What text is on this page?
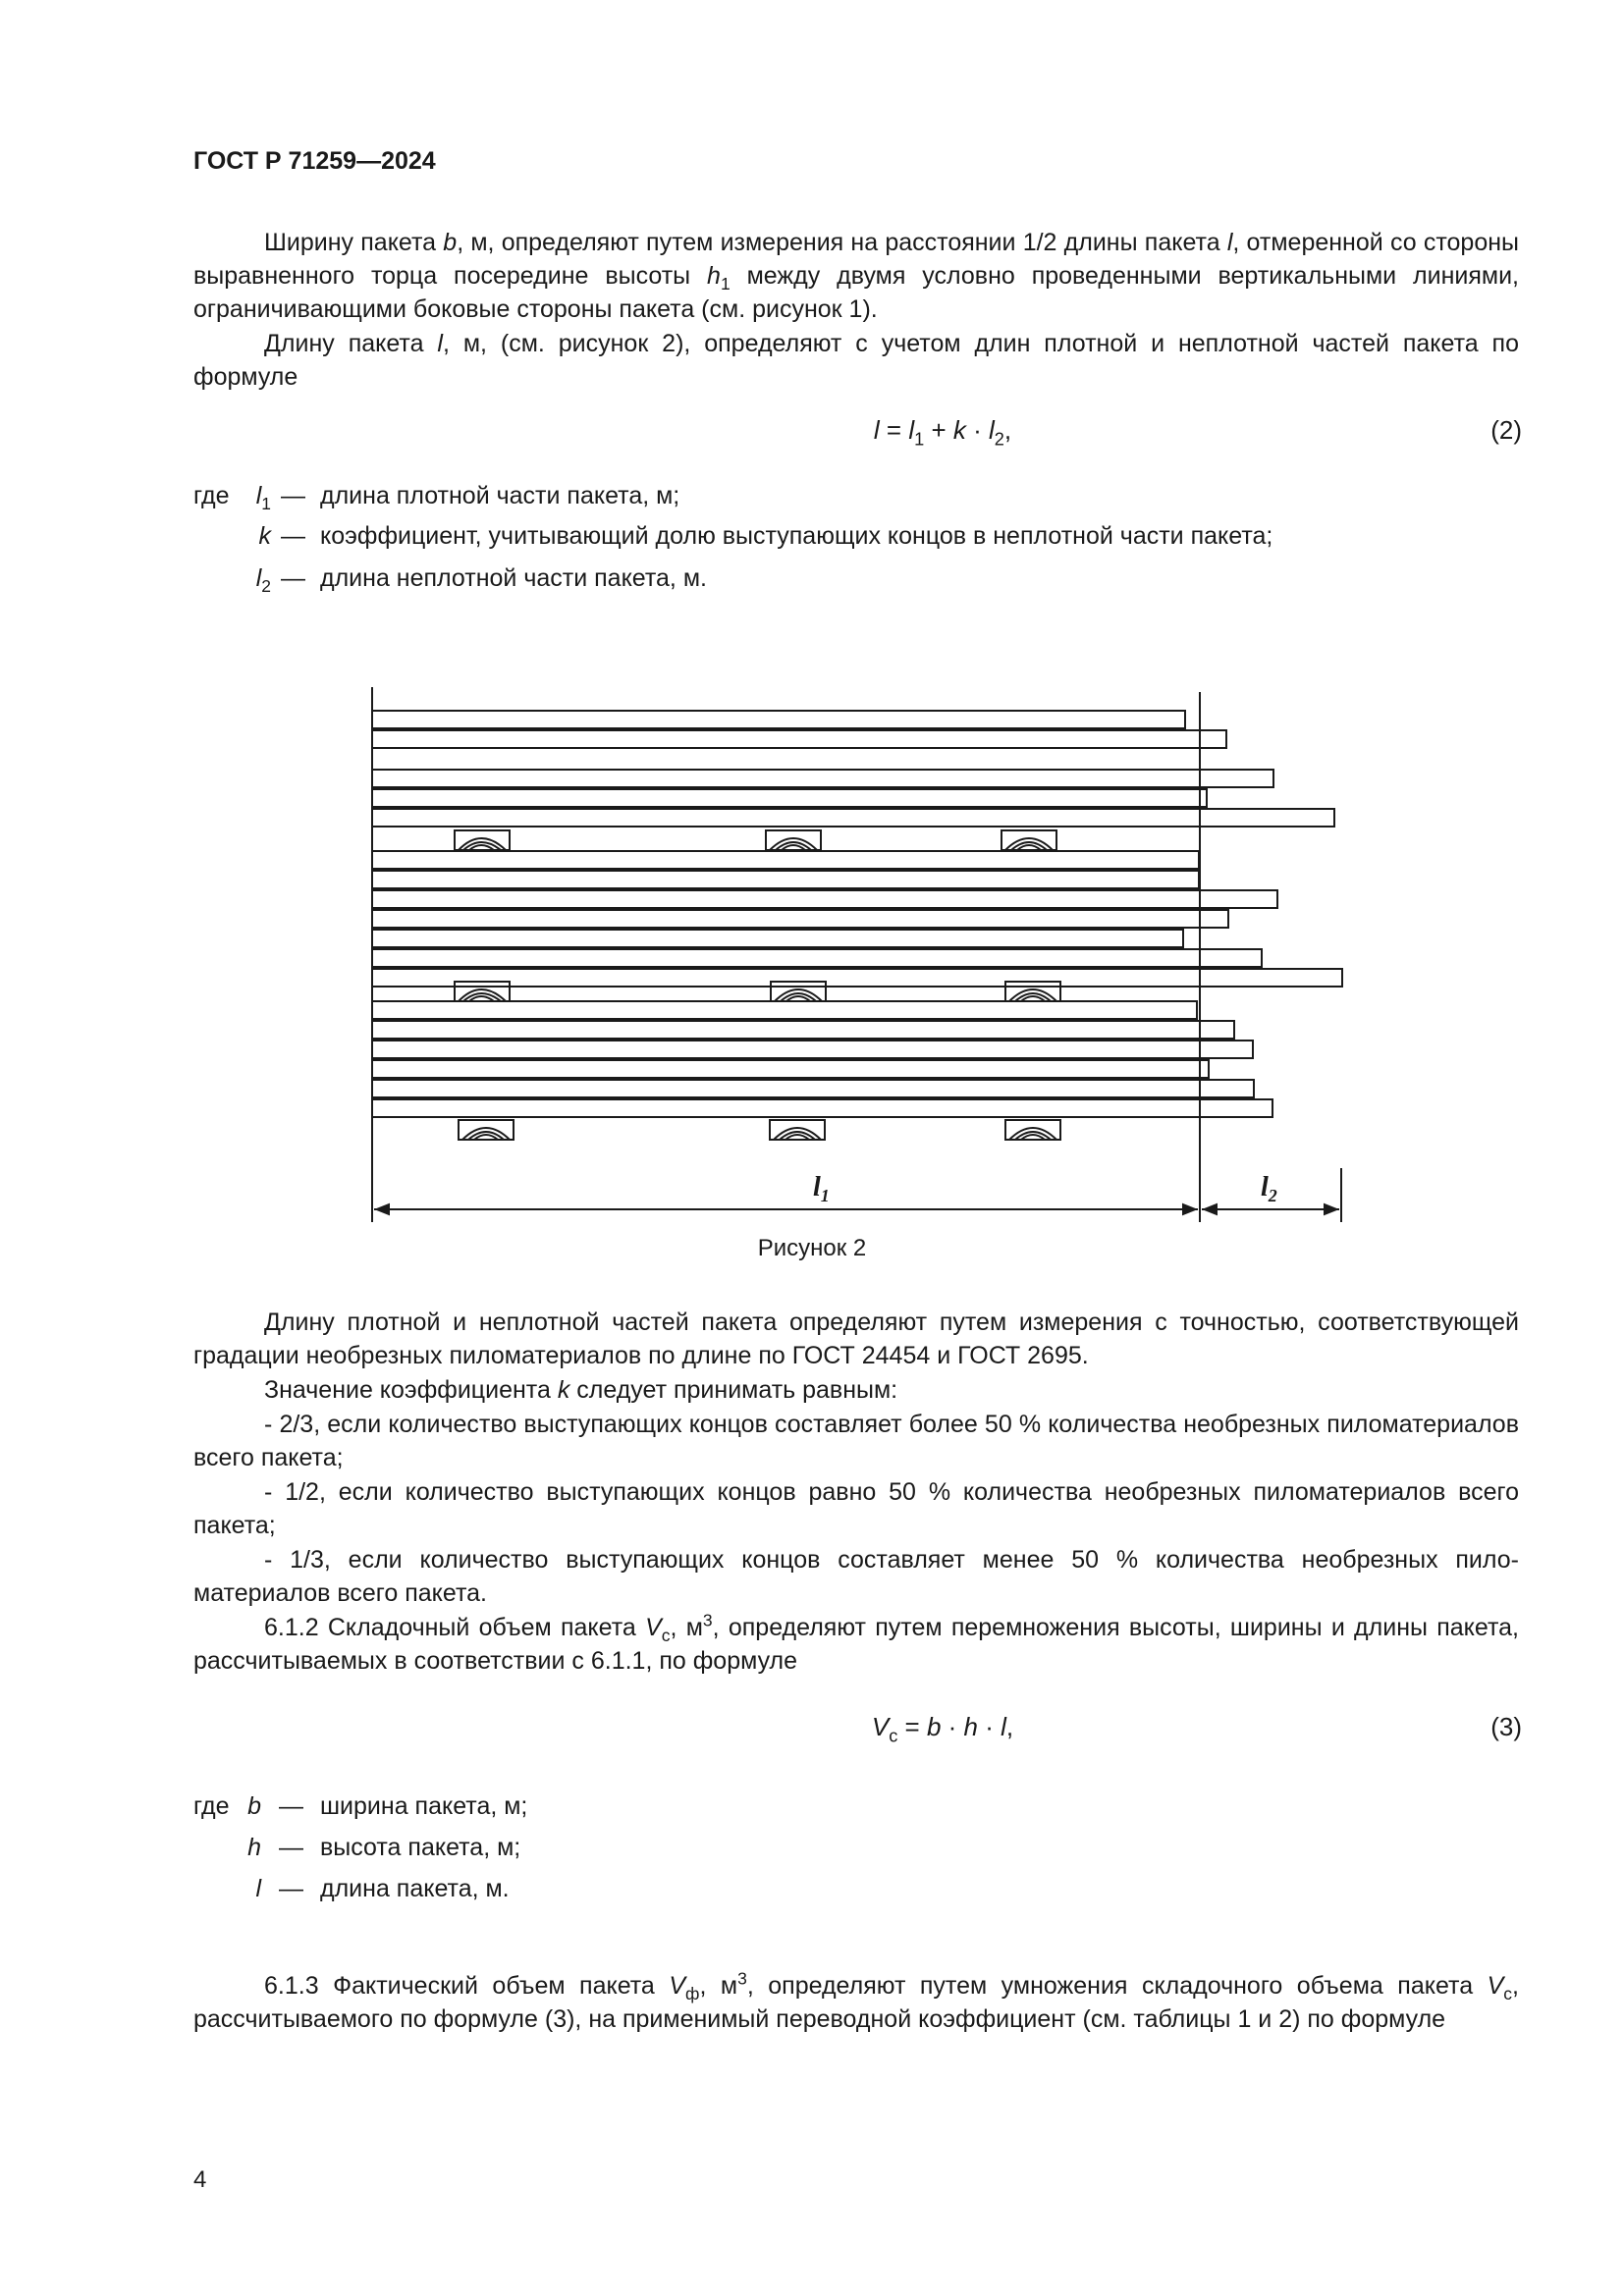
ГОСТ Р 71259—2024
Ширину пакета b, м, определяют путем измерения на расстоянии 1/2 длины пакета l, отмеренной со стороны выравненного торца посередине высоты $h_1$ между двумя условно проведенными вертикальными линиями, ограничивающими боковые стороны пакета (см. рисунок 1).
Длину пакета l, м, (см. рисунок 2), определяют с учетом длин плотной и неплотной частей пакета по формуле
$l = l_1 + k \cdot l_2$,	(2)
где	$l_1$ — длина плотной части пакета, м;
k — коэффициент, учитывающий долю выступающих концов в неплотной части пакета;
$l_2$ — длина неплотной части пакета, м.
$l_1$	$l_2$
Рисунок 2
Длину плотной и неплотной частей пакета определяют путем измерения с точностью, соответствующей градации необрезных пиломатериалов по длине по ГОСТ 24454 и ГОСТ 2695.
Значение коэффициента k следует принимать равным:
- 2/3, если количество выступающих концов составляет более 50 % количества необрезных пиломатериалов всего пакета;
- 1/2, если количество выступающих концов равно 50 % количества необрезных пиломатериалов всего пакета;
- 1/3, если количество выступающих концов составляет менее 50 % количества необрезных пиломатериалов всего пакета.
6.1.2 Складочный объем пакета $V_с$, $м^3$, определяют путем перемножения высоты, ширины и длины пакета, рассчитываемых в соответствии с 6.1.1, по формуле
$V_с = b \cdot h \cdot l$,	(3)
где b — ширина пакета, м;
h — высота пакета, м;
l — длина пакета, м.
6.1.3 Фактический объем пакета $V_ф$, $м^3$, определяют путем умножения складочного объема пакета $V_с$, рассчитываемого по формуле (3), на применимый переводной коэффициент (см. таблицы 1 и 2) по формуле
4
